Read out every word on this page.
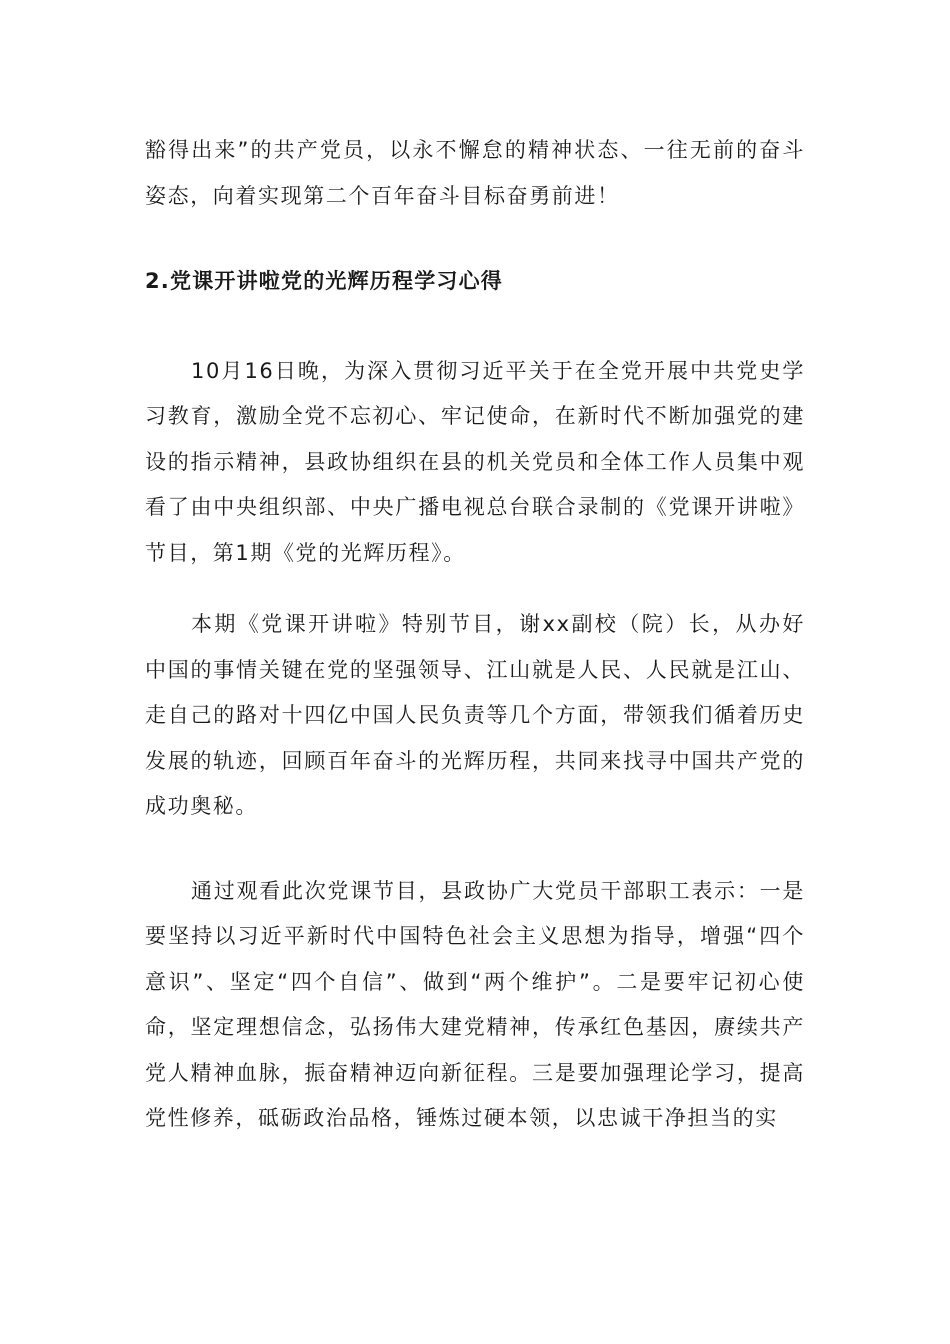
豁得出来”的共产党员，以永不懈怠的精神状态、一往无前的奋斗姿态，向着实现第二个百年奋斗目标奋勇前进！

2.党课开讲啦党的光辉历程学习心得

10月16日晚，为深入贯彻习近平关于在全党开展中共党史学习教育，激励全党不忘初心、牢记使命，在新时代不断加强党的建设的指示精神，县政协组织在县的机关党员和全体工作人员集中观看了由中央组织部、中央广播电视总台联合录制的《党课开讲啦》节目，第1期《党的光辉历程》。

本期《党课开讲啦》特别节目，谢xx副校（院）长，从办好中国的事情关键在党的坚强领导、江山就是人民、人民就是江山、走自己的路对十四亿中国人民负责等几个方面，带领我们循着历史发展的轨迹，回顾百年奋斗的光辉历程，共同来找寻中国共产党的成功奥秘。

通过观看此次党课节目，县政协广大党员干部职工表示：一是要坚持以习近平新时代中国特色社会主义思想为指导，增强“四个意识”、坚定“四个自信”、做到“两个维护”。二是要牢记初心使命，坚定理想信念，弘扬伟大建党精神，传承红色基因，赓续共产党人精神血脉，振奋精神迈向新征程。三是要加强理论学习，提高党性修养，砥砺政治品格，锤炼过硬本领，以忠诚干净担当的实
